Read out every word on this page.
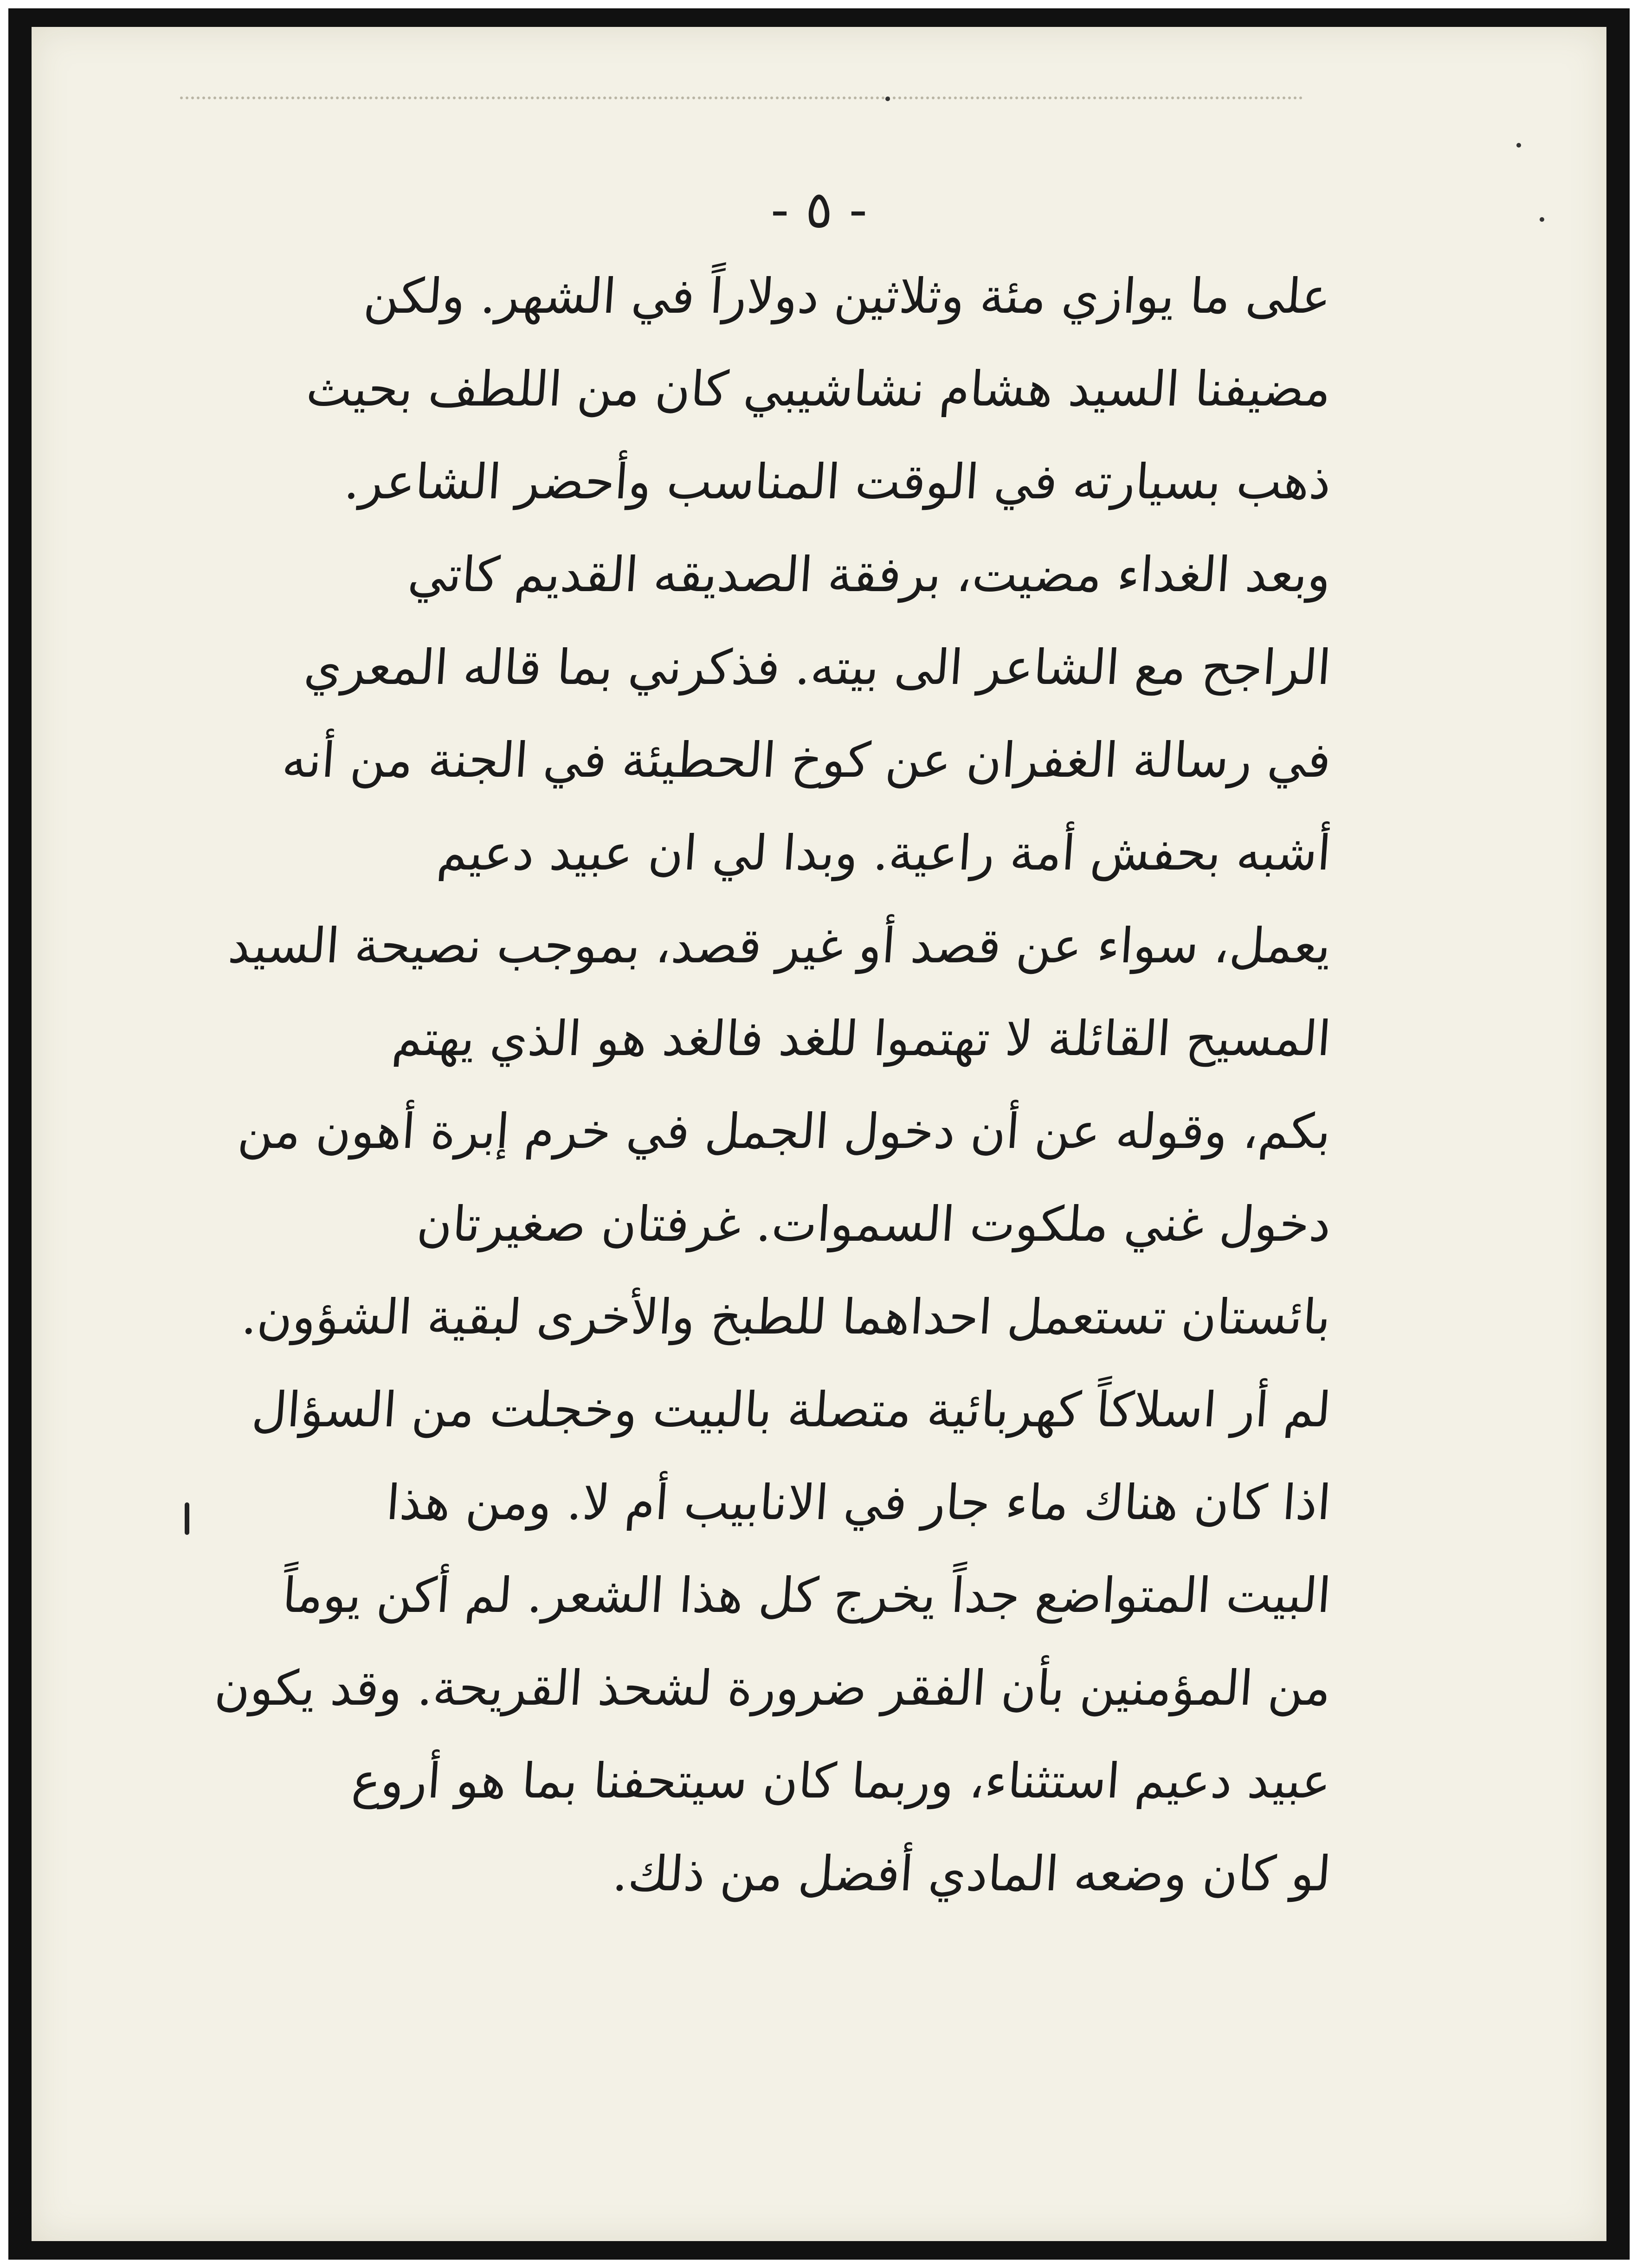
- ٥ -
على ما يوازي مئة وثلاثين دولاراً في الشهر. ولكن
مضيفنا السيد هشام نشاشيبي كان من اللطف بحيث
ذهب بسيارته في الوقت المناسب وأحضر الشاعر.
وبعد الغداء مضيت، برفقة الصديقه القديم كاتي
الراجح مع الشاعر الى بيته. فذكرني بما قاله المعري
في رسالة الغفران عن كوخ الحطيئة في الجنة من أنه
أشبه بحفش أمة راعية. وبدا لي ان عبيد دعيم
يعمل، سواء عن قصد أو غير قصد، بموجب نصيحة السيد
المسيح القائلة لا تهتموا للغد فالغد هو الذي يهتم
بكم، وقوله عن أن دخول الجمل في خرم إبرة أهون من
دخول غني ملكوت السموات. غرفتان صغيرتان
بائستان تستعمل احداهما للطبخ والأخرى لبقية الشؤون.
لم أر اسلاكاً كهربائية متصلة بالبيت وخجلت من السؤال
اذا كان هناك ماء جار في الانابيب أم لا. ومن هذا
البيت المتواضع جداً يخرج كل هذا الشعر. لم أكن يوماً
من المؤمنين بأن الفقر ضرورة لشحذ القريحة. وقد يكون
عبيد دعيم استثناء، وربما كان سيتحفنا بما هو أروع
لو كان وضعه المادي أفضل من ذلك.
